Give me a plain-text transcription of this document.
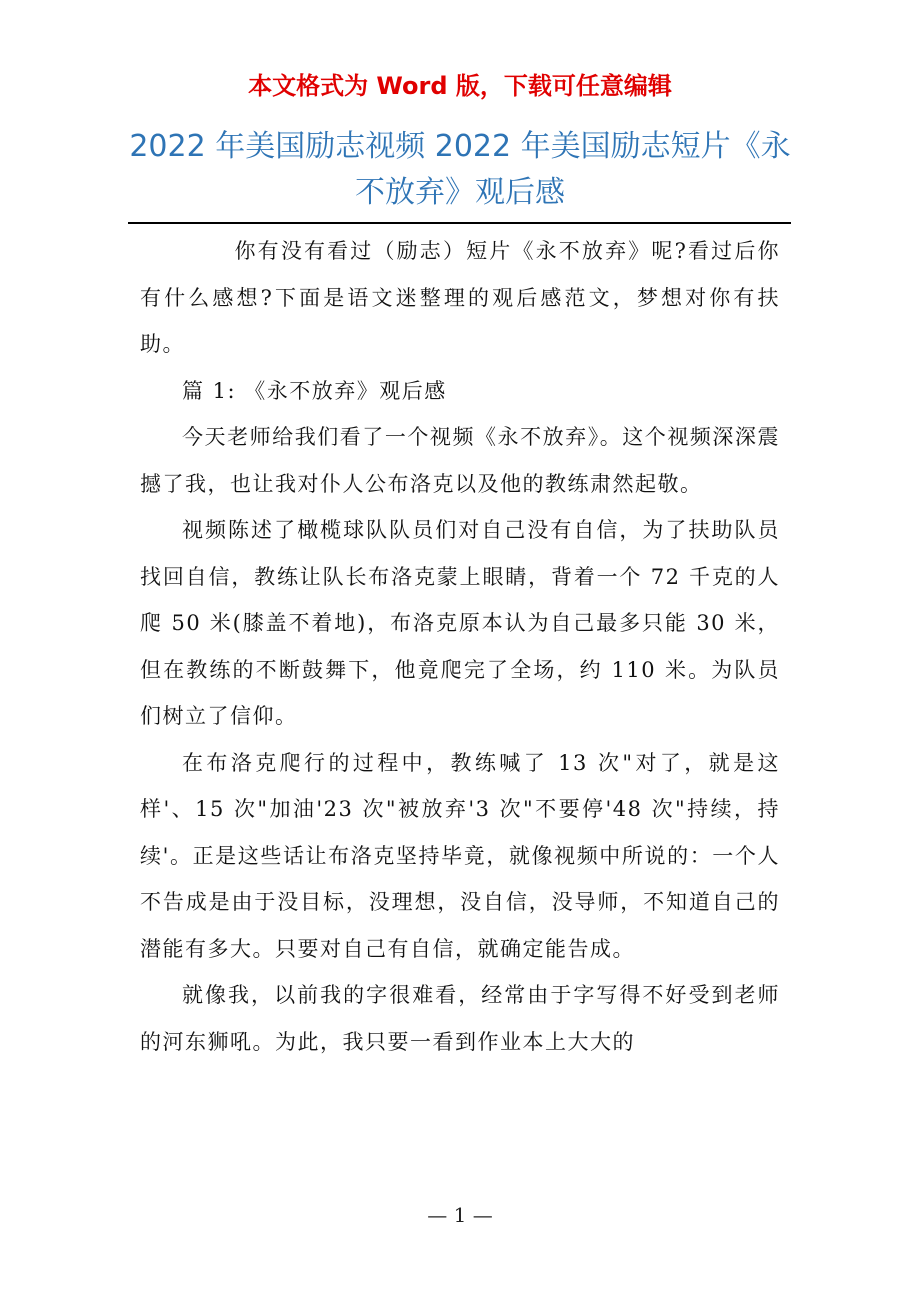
本文格式为 Word 版，下载可任意编辑
2022 年美国励志视频 2022 年美国励志短片《永不放弃》观后感

你有没有看过（励志）短片《永不放弃》呢?看过后你有什么感想?下面是语文迷整理的观后感范文，梦想对你有扶助。

篇 1: 《永不放弃》观后感

今天老师给我们看了一个视频《永不放弃》。这个视频深深震撼了我，也让我对仆人公布洛克以及他的教练肃然起敬。

视频陈述了橄榄球队队员们对自己没有自信，为了扶助队员找回自信，教练让队长布洛克蒙上眼睛，背着一个 72 千克的人爬 50 米(膝盖不着地)，布洛克原本认为自己最多只能 30 米，但在教练的不断鼓舞下，他竟爬完了全场，约 110 米。为队员们树立了信仰。

在布洛克爬行的过程中，教练喊了 13 次"对了，就是这样'、15 次"加油'23 次"被放弃'3 次"不要停'48 次"持续，持续'。正是这些话让布洛克坚持毕竟，就像视频中所说的：一个人不告成是由于没目标，没理想，没自信，没导师，不知道自己的潜能有多大。只要对自己有自信，就确定能告成。

就像我，以前我的字很难看，经常由于字写得不好受到老师的河东狮吼。为此，我只要一看到作业本上大大的

— 1 —
